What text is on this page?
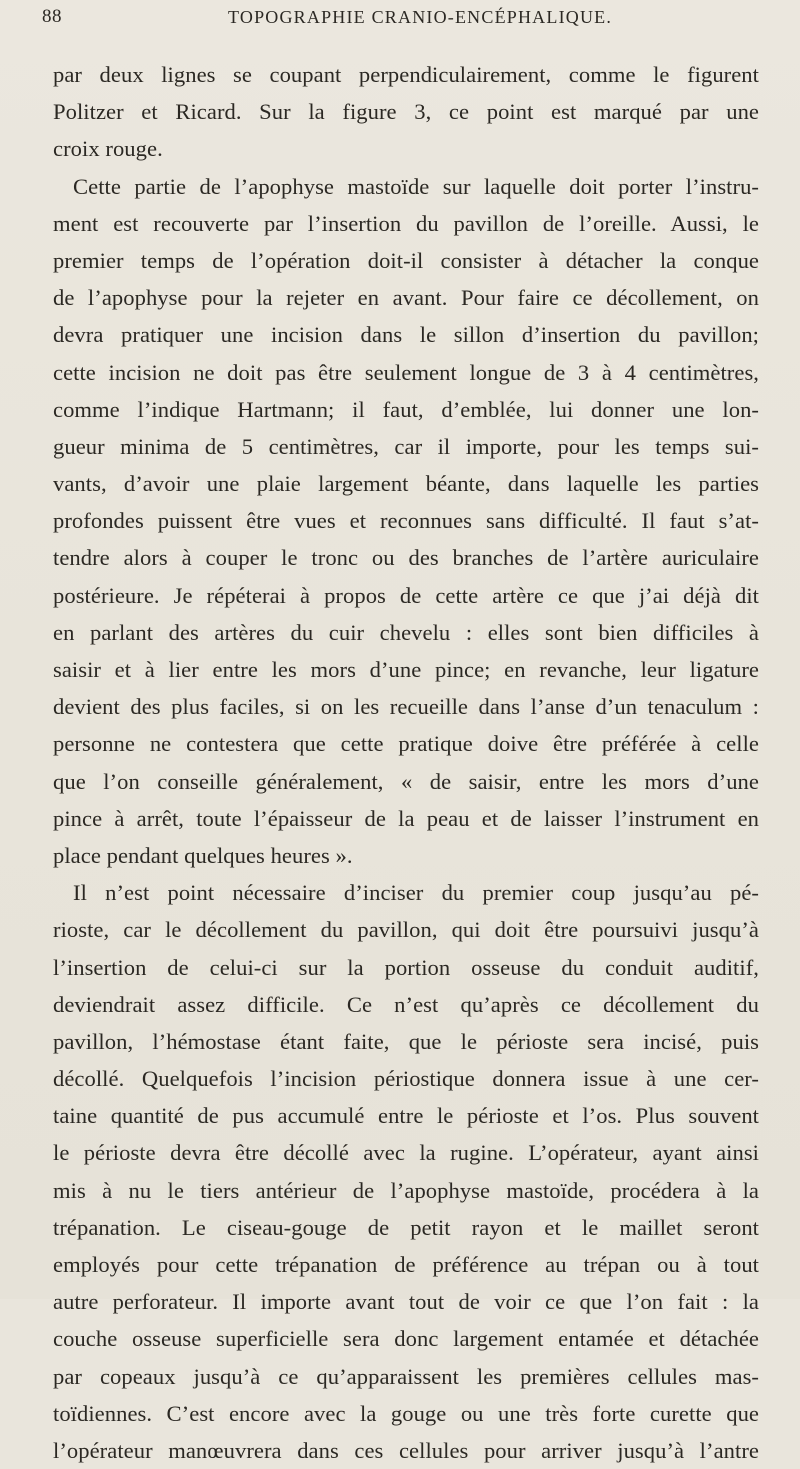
88	TOPOGRAPHIE CRANIO-ENCÉPHALIQUE.
par deux lignes se coupant perpendiculairement, comme le figurent
Politzer et Ricard. Sur la figure 3, ce point est marqué par une
croix rouge.
Cette partie de l’apophyse mastoïde sur laquelle doit porter l’instru-
ment est recouverte par l’insertion du pavillon de l’oreille. Aussi, le
premier temps de l’opération doit-il consister à détacher la conque
de l’apophyse pour la rejeter en avant. Pour faire ce décollement, on
devra pratiquer une incision dans le sillon d’insertion du pavillon;
cette incision ne doit pas être seulement longue de 3 à 4 centimètres,
comme l’indique Hartmann; il faut, d’emblée, lui donner une lon-
gueur minima de 5 centimètres, car il importe, pour les temps sui-
vants, d’avoir une plaie largement béante, dans laquelle les parties
profondes puissent être vues et reconnues sans difficulté. Il faut s’at-
tendre alors à couper le tronc ou des branches de l’artère auriculaire
postérieure. Je répéterai à propos de cette artère ce que j’ai déjà dit
en parlant des artères du cuir chevelu : elles sont bien difficiles à
saisir et à lier entre les mors d’une pince; en revanche, leur ligature
devient des plus faciles, si on les recueille dans l’anse d’un tenaculum :
personne ne contestera que cette pratique doive être préférée à celle
que l’on conseille généralement, « de saisir, entre les mors d’une
pince à arrêt, toute l’épaisseur de la peau et de laisser l’instrument en
place pendant quelques heures ».
Il n’est point nécessaire d’inciser du premier coup jusqu’au pé-
rioste, car le décollement du pavillon, qui doit être poursuivi jusqu’à
l’insertion de celui-ci sur la portion osseuse du conduit auditif,
deviendrait assez difficile. Ce n’est qu’après ce décollement du
pavillon, l’hémostase étant faite, que le périoste sera incisé, puis
décollé. Quelquefois l’incision périostique donnera issue à une cer-
taine quantité de pus accumulé entre le périoste et l’os. Plus souvent
le périoste devra être décollé avec la rugine. L’opérateur, ayant ainsi
mis à nu le tiers antérieur de l’apophyse mastoïde, procédera à la
trépanation. Le ciseau-gouge de petit rayon et le maillet seront
employés pour cette trépanation de préférence au trépan ou à tout
autre perforateur. Il importe avant tout de voir ce que l’on fait : la
couche osseuse superficielle sera donc largement entamée et détachée
par copeaux jusqu’à ce qu’apparaissent les premières cellules mas-
toïdiennes. C’est encore avec la gouge ou une très forte curette que
l’opérateur manœuvrera dans ces cellules pour arriver jusqu’à l’antre
